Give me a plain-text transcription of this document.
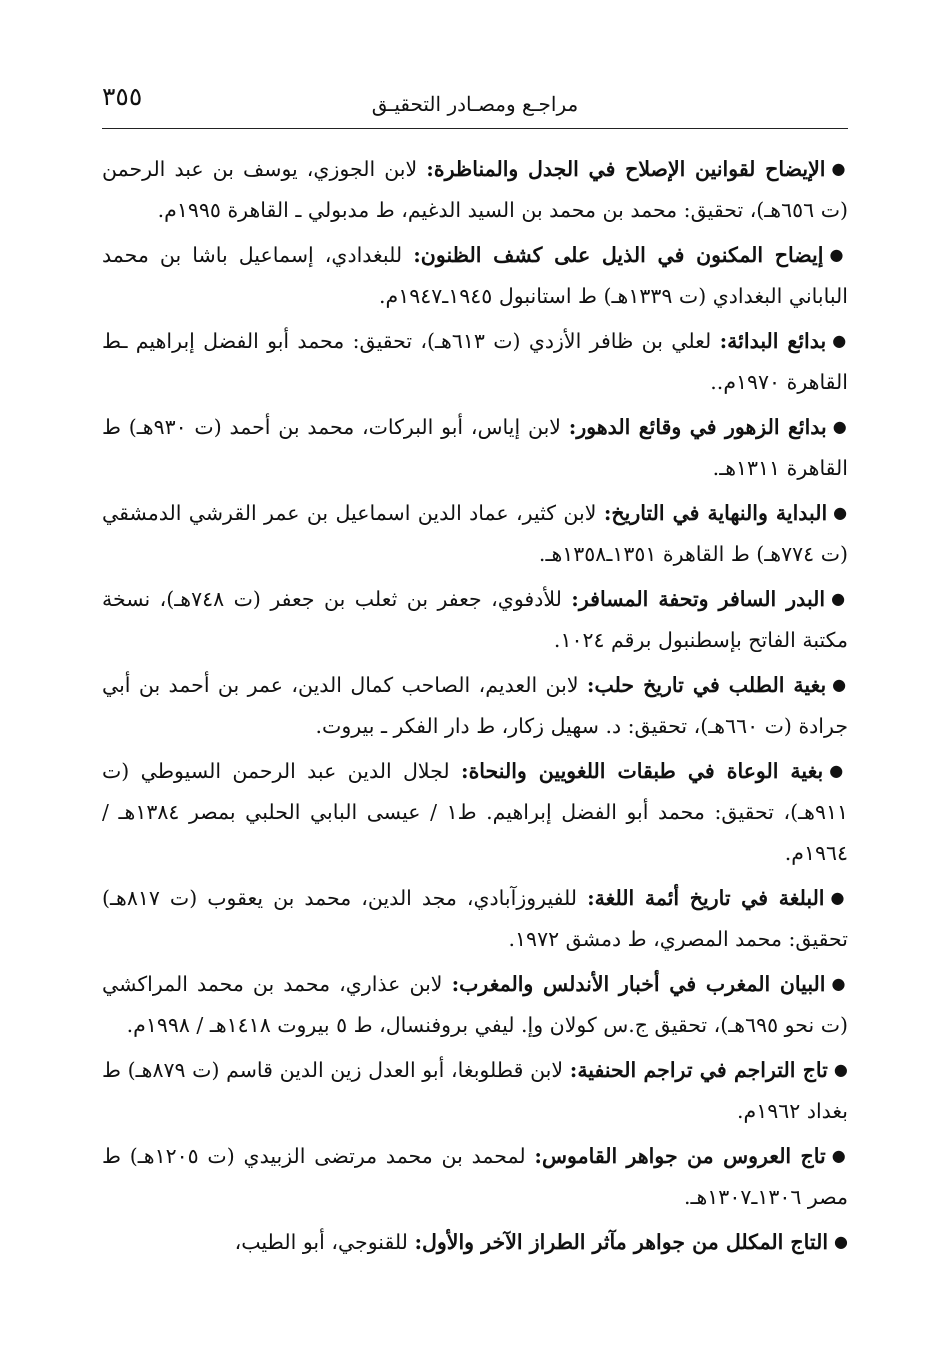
مراجـع ومصـادر التحقيـق
٣٥٥

●الإيضاح لقوانين الإصلاح في الجدل والمناظرة: لابن الجوزي، يوسف بن عبد الرحمن (ت ٦٥٦هـ)، تحقيق: محمد بن محمد بن السيد الدغيم، ط مدبولي ـ القاهرة ١٩٩٥م.

●إيضاح المكنون في الذيل على كشف الظنون: للبغدادي، إسماعيل باشا بن محمد الباباني البغدادي (ت ١٣٣٩هـ) ط استانبول ١٩٤٥ـ١٩٤٧م.

●بدائع البدائة: لعلي بن ظافر الأزدي (ت ٦١٣هـ)، تحقيق: محمد أبو الفضل إبراهيم ـط القاهرة ١٩٧٠م..

●بدائع الزهور في وقائع الدهور: لابن إياس، أبو البركات، محمد بن أحمد (ت ٩٣٠هـ) ط القاهرة ١٣١١هـ.

●البداية والنهاية في التاريخ: لابن كثير، عماد الدين اسماعيل بن عمر القرشي الدمشقي (ت ٧٧٤هـ) ط القاهرة ١٣٥١ـ١٣٥٨هـ.

●البدر السافر وتحفة المسافر: للأدفوي، جعفر بن ثعلب بن جعفر (ت ٧٤٨هـ)، نسخة مكتبة الفاتح بإسطنبول برقم ١٠٢٤.

●بغية الطلب في تاريخ حلب: لابن العديم، الصاحب كمال الدين، عمر بن أحمد بن أبي جرادة (ت ٦٦٠هـ)، تحقيق: د. سهيل زكار، ط دار الفكر ـ بيروت.

●بغية الوعاة في طبقات اللغويين والنحاة: لجلال الدين عبد الرحمن السيوطي (ت ٩١١هـ)، تحقيق: محمد أبو الفضل إبراهيم. ط١ / عيسى البابي الحلبي بمصر ١٣٨٤هـ / ١٩٦٤م.

●البلغة في تاريخ أئمة اللغة: للفيروزآبادي، مجد الدين، محمد بن يعقوب (ت ٨١٧هـ) تحقيق: محمد المصري، ط دمشق ١٩٧٢.

●البيان المغرب في أخبار الأندلس والمغرب: لابن عذاري، محمد بن محمد المراكشي (ت نحو ٦٩٥هـ)، تحقيق ج.س كولان وإ. ليفي بروفنسال، ط ٥ بيروت ١٤١٨هـ / ١٩٩٨م.

●تاج التراجم في تراجم الحنفية: لابن قطلوبغا، أبو العدل زين الدين قاسم (ت ٨٧٩هـ) ط بغداد ١٩٦٢م.

●تاج العروس من جواهر القاموس: لمحمد بن محمد مرتضى الزبيدي (ت ١٢٠٥هـ) ط مصر ١٣٠٦ـ١٣٠٧هـ.

●التاج المكلل من جواهر مآثر الطراز الآخر والأول: للقنوجي، أبو الطيب،
